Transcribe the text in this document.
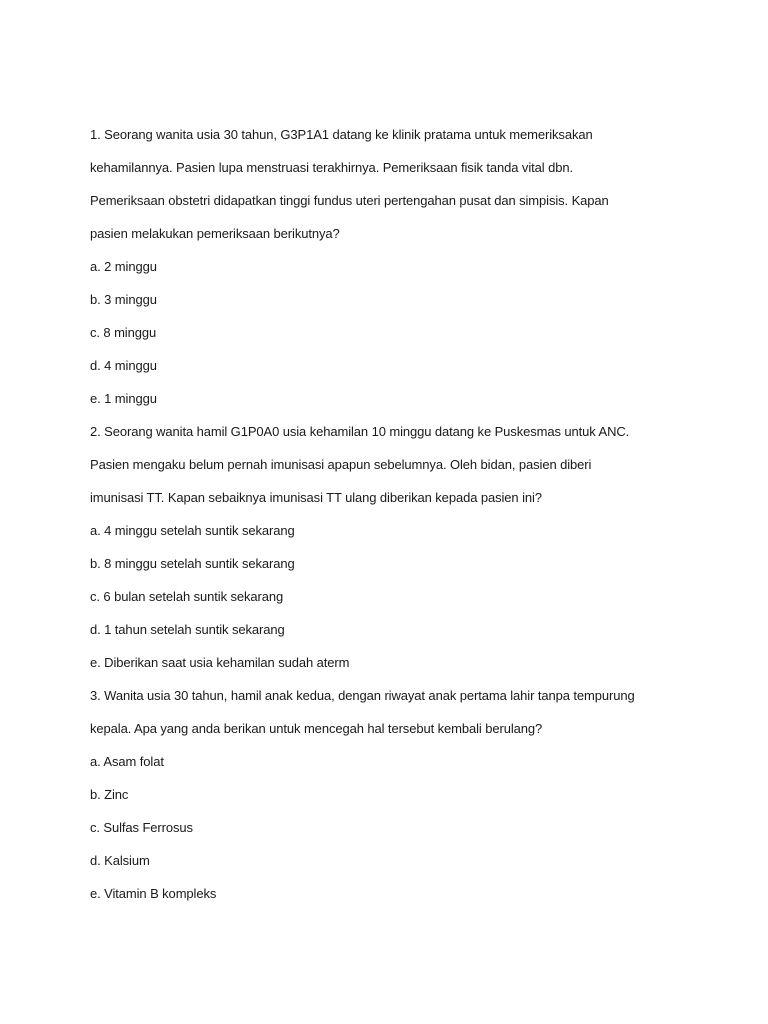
1. Seorang wanita usia 30 tahun, G3P1A1 datang ke klinik pratama untuk memeriksakan
kehamilannya. Pasien lupa menstruasi terakhirnya. Pemeriksaan fisik tanda vital dbn.
Pemeriksaan obstetri didapatkan tinggi fundus uteri pertengahan pusat dan simpisis. Kapan
pasien melakukan pemeriksaan berikutnya?
a. 2 minggu
b. 3 minggu
c. 8 minggu
d. 4 minggu
e. 1 minggu
2. Seorang wanita hamil G1P0A0 usia kehamilan 10 minggu datang ke Puskesmas untuk ANC.
Pasien mengaku belum pernah imunisasi apapun sebelumnya. Oleh bidan, pasien diberi
imunisasi TT. Kapan sebaiknya imunisasi TT ulang diberikan kepada pasien ini?
a. 4 minggu setelah suntik sekarang
b. 8 minggu setelah suntik sekarang
c. 6 bulan setelah suntik sekarang
d. 1 tahun setelah suntik sekarang
e. Diberikan saat usia kehamilan sudah aterm
3. Wanita usia 30 tahun, hamil anak kedua, dengan riwayat anak pertama lahir tanpa tempurung
kepala. Apa yang anda berikan untuk mencegah hal tersebut kembali berulang?
a. Asam folat
b. Zinc
c. Sulfas Ferrosus
d. Kalsium
e. Vitamin B kompleks
